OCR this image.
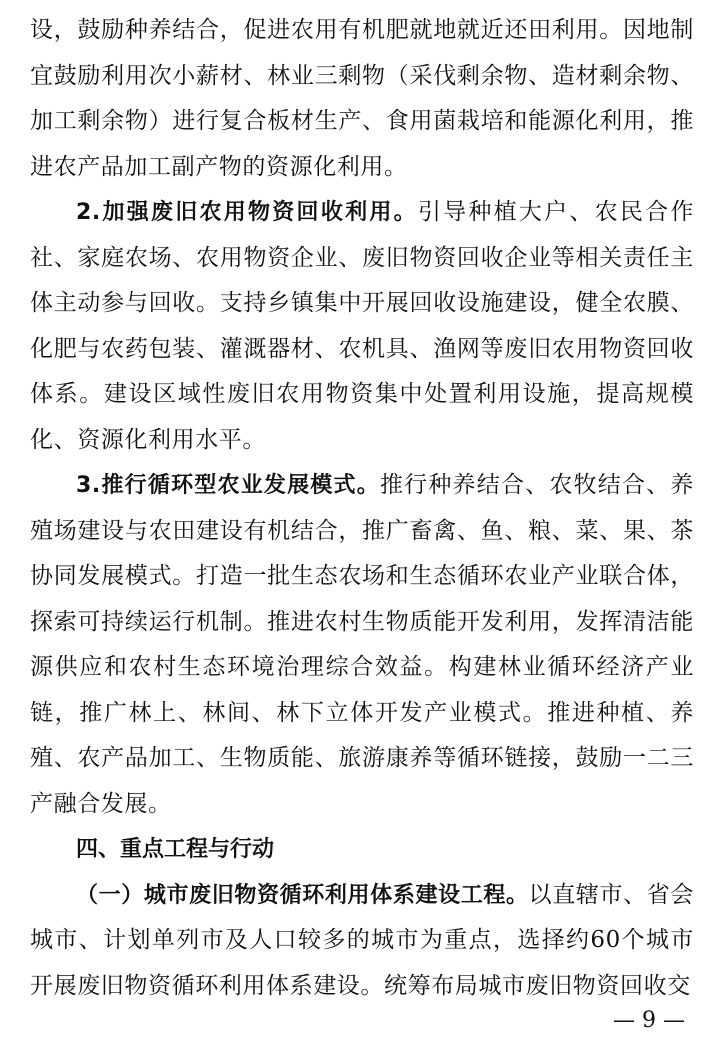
设，鼓励种养结合，促进农用有机肥就地就近还田利用。因地制宜鼓励利用次小薪材、林业三剩物（采伐剩余物、造材剩余物、加工剩余物）进行复合板材生产、食用菌栽培和能源化利用，推进农产品加工副产物的资源化利用。

2.加强废旧农用物资回收利用。引导种植大户、农民合作社、家庭农场、农用物资企业、废旧物资回收企业等相关责任主体主动参与回收。支持乡镇集中开展回收设施建设，健全农膜、化肥与农药包装、灌溉器材、农机具、渔网等废旧农用物资回收体系。建设区域性废旧农用物资集中处置利用设施，提高规模化、资源化利用水平。

3.推行循环型农业发展模式。推行种养结合、农牧结合、养殖场建设与农田建设有机结合，推广畜禽、鱼、粮、菜、果、茶协同发展模式。打造一批生态农场和生态循环农业产业联合体，探索可持续运行机制。推进农村生物质能开发利用，发挥清洁能源供应和农村生态环境治理综合效益。构建林业循环经济产业链，推广林上、林间、林下立体开发产业模式。推进种植、养殖、农产品加工、生物质能、旅游康养等循环链接，鼓励一二三产融合发展。

四、重点工程与行动

（一）城市废旧物资循环利用体系建设工程。以直辖市、省会城市、计划单列市及人口较多的城市为重点，选择约60个城市开展废旧物资循环利用体系建设。统筹布局城市废旧物资回收交

— 9 —
